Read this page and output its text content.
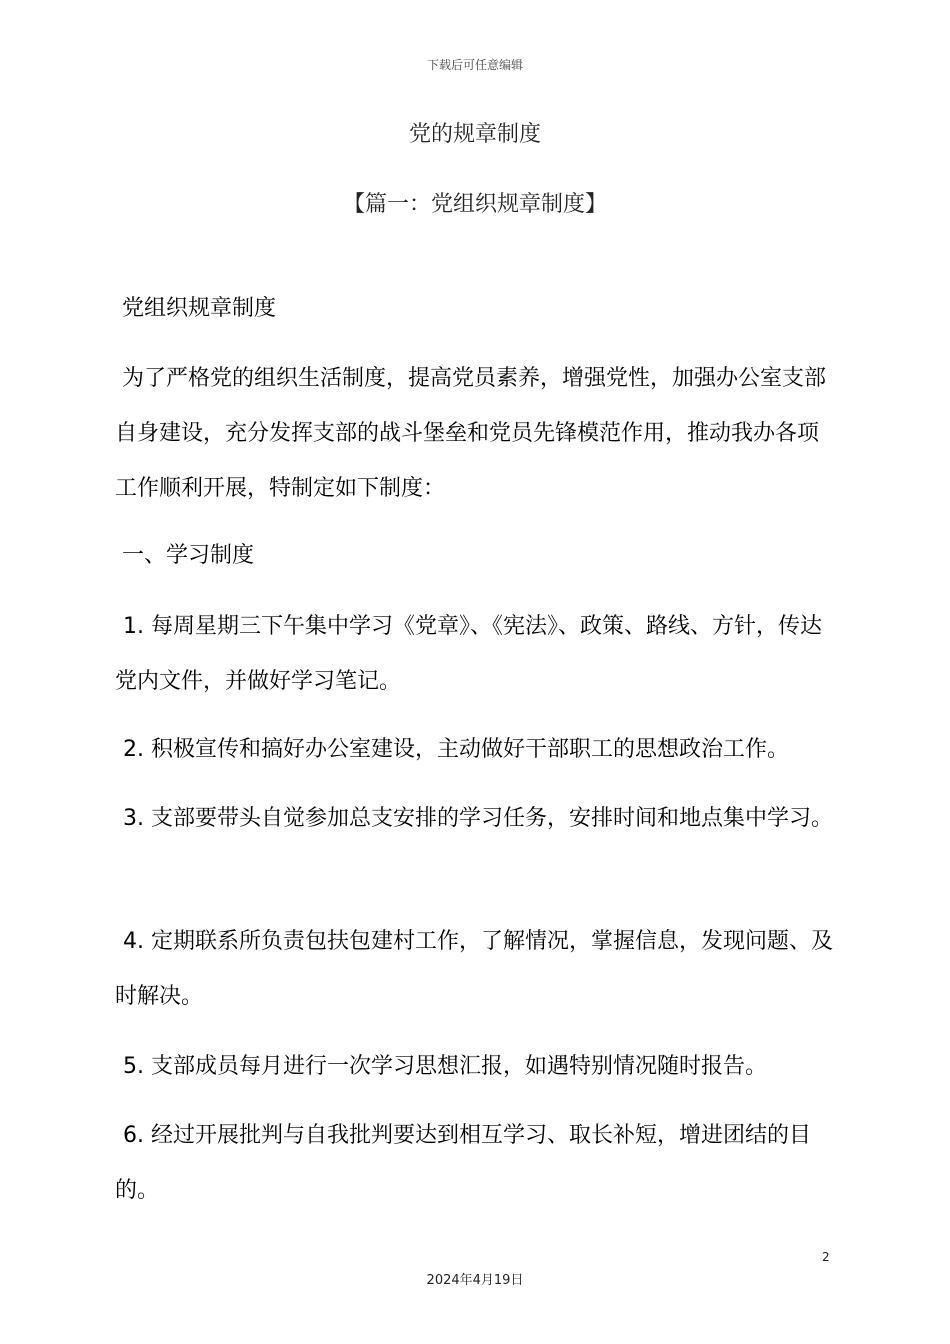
下载后可任意编辑
党的规章制度
【篇一：党组织规章制度】
党组织规章制度

为了严格党的组织生活制度，提高党员素养，增强党性，加强办公室支部自身建设，充分发挥支部的战斗堡垒和党员先锋模范作用，推动我办各项工作顺利开展，特制定如下制度：

一、学习制度

1. 每周星期三下午集中学习《党章》、《宪法》、政策、路线、方针，传达党内文件，并做好学习笔记。

2. 积极宣传和搞好办公室建设，主动做好干部职工的思想政治工作。

3. 支部要带头自觉参加总支安排的学习任务，安排时间和地点集中学习。

4. 定期联系所负责包扶包建村工作，了解情况，掌握信息，发现问题、及时解决。

5. 支部成员每月进行一次学习思想汇报，如遇特别情况随时报告。

6. 经过开展批判与自我批判要达到相互学习、取长补短，增进团结的目的。

2
2024年4月19日
